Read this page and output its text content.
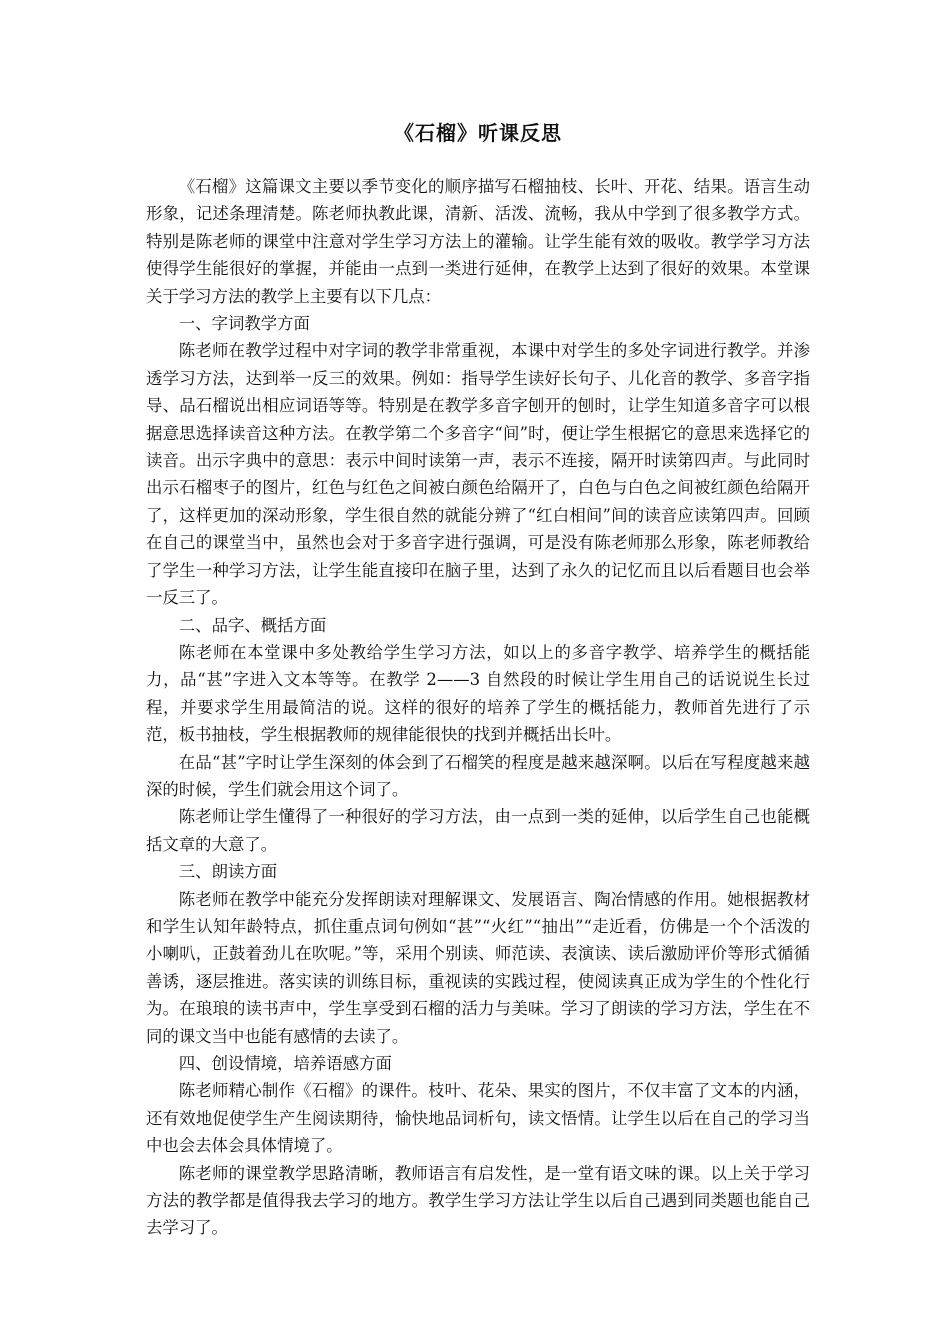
《石榴》听课反思

《石榴》这篇课文主要以季节变化的顺序描写石榴抽枝、长叶、开花、结果。语言生动形象，记述条理清楚。陈老师执教此课，清新、活泼、流畅，我从中学到了很多教学方式。特别是陈老师的课堂中注意对学生学习方法上的灌输。让学生能有效的吸收。教学学习方法使得学生能很好的掌握，并能由一点到一类进行延伸，在教学上达到了很好的效果。本堂课关于学习方法的教学上主要有以下几点：

一、字词教学方面

陈老师在教学过程中对字词的教学非常重视，本课中对学生的多处字词进行教学。并渗透学习方法，达到举一反三的效果。例如：指导学生读好长句子、儿化音的教学、多音字指导、品石榴说出相应词语等等。特别是在教学多音字刨开的刨时，让学生知道多音字可以根据意思选择读音这种方法。在教学第二个多音字“间”时，便让学生根据它的意思来选择它的读音。出示字典中的意思：表示中间时读第一声，表示不连接，隔开时读第四声。与此同时出示石榴枣子的图片，红色与红色之间被白颜色给隔开了，白色与白色之间被红颜色给隔开了，这样更加的深动形象，学生很自然的就能分辨了“红白相间”间的读音应读第四声。回顾在自己的课堂当中，虽然也会对于多音字进行强调，可是没有陈老师那么形象，陈老师教给了学生一种学习方法，让学生能直接印在脑子里，达到了永久的记忆而且以后看题目也会举一反三了。

二、品字、概括方面

陈老师在本堂课中多处教给学生学习方法，如以上的多音字教学、培养学生的概括能力，品“甚”字进入文本等等。在教学 2——3 自然段的时候让学生用自己的话说说生长过程，并要求学生用最简洁的说。这样的很好的培养了学生的概括能力，教师首先进行了示范，板书抽枝，学生根据教师的规律能很快的找到并概括出长叶。

在品“甚”字时让学生深刻的体会到了石榴笑的程度是越来越深啊。以后在写程度越来越深的时候，学生们就会用这个词了。

陈老师让学生懂得了一种很好的学习方法，由一点到一类的延伸，以后学生自己也能概括文章的大意了。

三、朗读方面

陈老师在教学中能充分发挥朗读对理解课文、发展语言、陶冶情感的作用。她根据教材和学生认知年龄特点，抓住重点词句例如“甚”“火红”“抽出”“走近看，仿佛是一个个活泼的小喇叭，正鼓着劲儿在吹呢。”等，采用个别读、师范读、表演读、读后激励评价等形式循循善诱，逐层推进。落实读的训练目标，重视读的实践过程，使阅读真正成为学生的个性化行为。在琅琅的读书声中，学生享受到石榴的活力与美味。学习了朗读的学习方法，学生在不同的课文当中也能有感情的去读了。

四、创设情境，培养语感方面

陈老师精心制作《石榴》的课件。枝叶、花朵、果实的图片，不仅丰富了文本的内涵，还有效地促使学生产生阅读期待，愉快地品词析句，读文悟情。让学生以后在自己的学习当中也会去体会具体情境了。

陈老师的课堂教学思路清晰，教师语言有启发性，是一堂有语文味的课。以上关于学习方法的教学都是值得我去学习的地方。教学生学习方法让学生以后自己遇到同类题也能自己去学习了。
